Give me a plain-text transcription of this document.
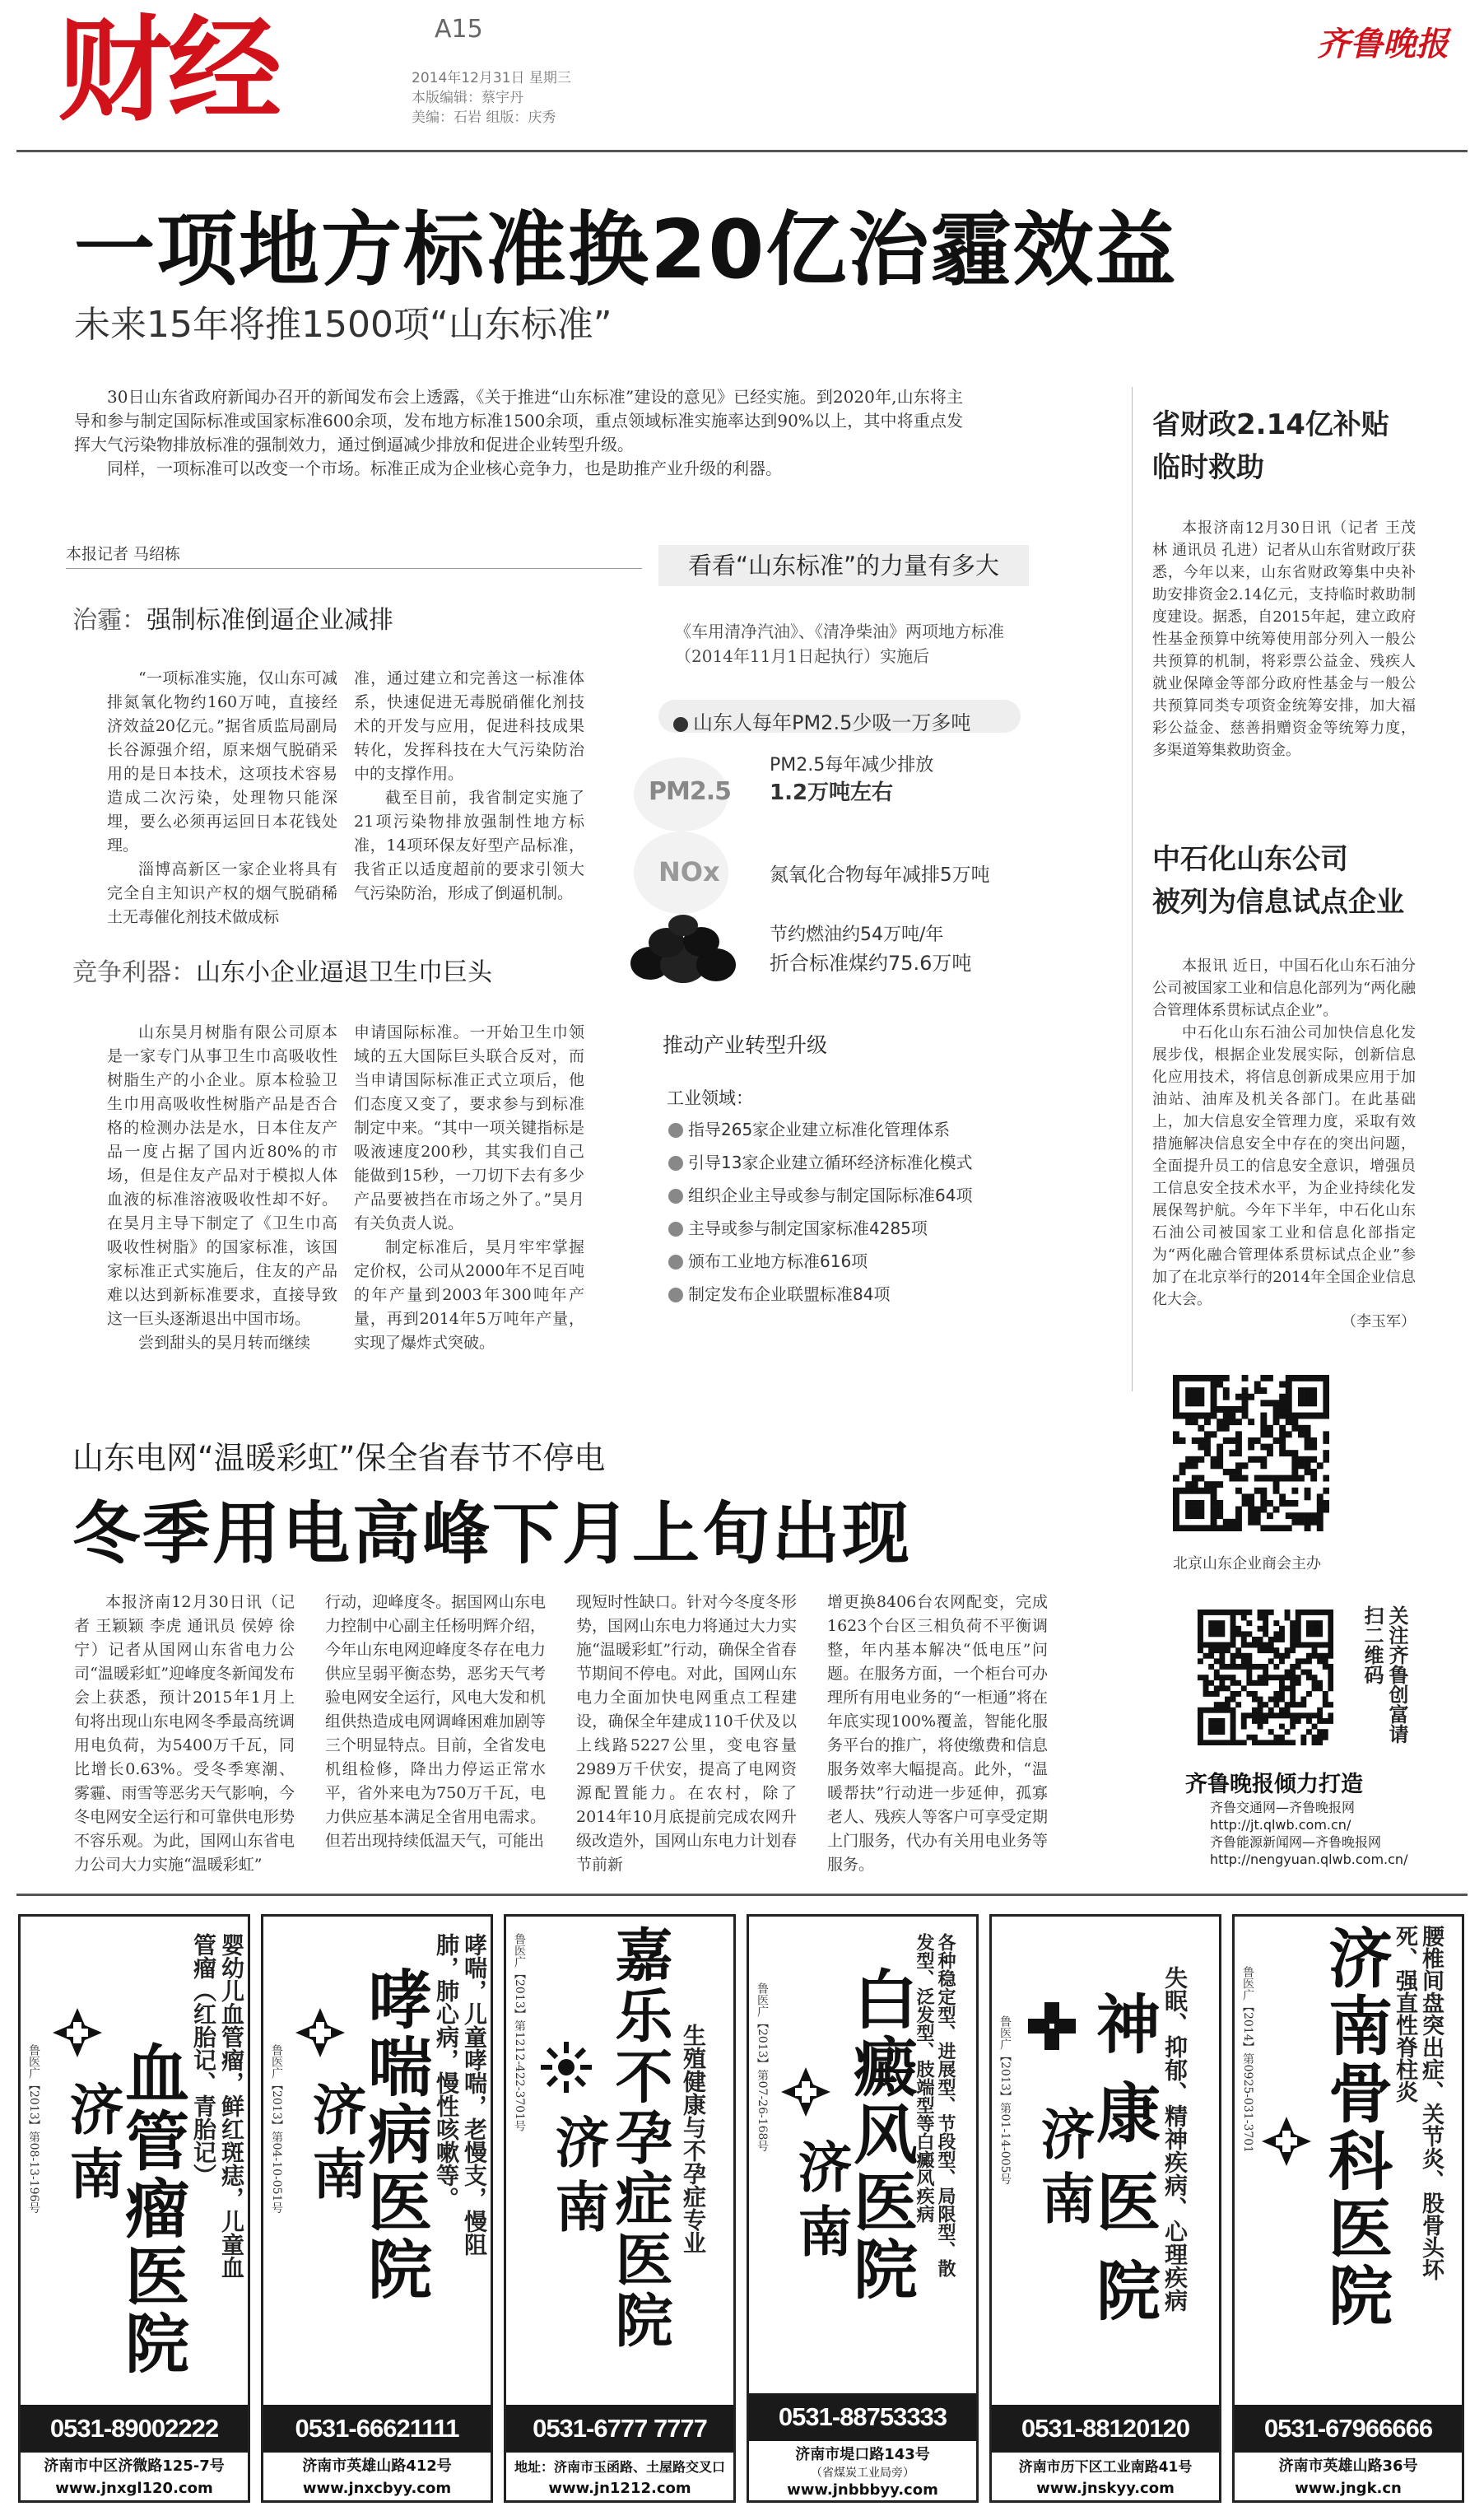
财经	A15
2014年12月31日 星期三
本版编辑：蔡宇丹
美编：石岩 组版：庆秀
齐鲁晚报
一项地方标准换20亿治霾效益
未来15年将推1500项“山东标准”

30日山东省政府新闻办召开的新闻发布会上透露，《关于推进“山东标准”建设的意见》已经实施。到2020年,山东将主导和参与制定国际标准或国家标准600余项，发布地方标准1500余项，重点领域标准实施率达到90%以上，其中将重点发挥大气污染物排放标准的强制效力，通过倒逼减少排放和促进企业转型升级。

同样，一项标准可以改变一个市场。标准正成为企业核心竞争力，也是助推产业升级的利器。

本报记者 马绍栋
治霾：强制标准倒逼企业减排

“一项标准实施，仅山东可减排氮氧化物约160万吨，直接经济效益20亿元。”据省质监局副局长谷源强介绍，原来烟气脱硝采用的是日本技术，这项技术容易造成二次污染，处理物只能深埋，要么必须再运回日本花钱处理。

淄博高新区一家企业将具有完全自主知识产权的烟气脱硝稀土无毒催化剂技术做成标

准，通过建立和完善这一标准体系，快速促进无毒脱硝催化剂技术的开发与应用，促进科技成果转化，发挥科技在大气污染防治中的支撑作用。

截至目前，我省制定实施了21项污染物排放强制性地方标准，14项环保友好型产品标准，我省正以适度超前的要求引领大气污染防治，形成了倒逼机制。

竞争利器：山东小企业逼退卫生巾巨头

山东昊月树脂有限公司原本是一家专门从事卫生巾高吸收性树脂生产的小企业。原本检验卫生巾用高吸收性树脂产品是否合格的检测办法是水，日本住友产品一度占据了国内近80%的市场，但是住友产品对于模拟人体血液的标准溶液吸收性却不好。在昊月主导下制定了《卫生巾高吸收性树脂》的国家标准，该国家标准正式实施后，住友的产品难以达到新标准要求，直接导致这一巨头逐渐退出中国市场。

尝到甜头的昊月转而继续

申请国际标准。一开始卫生巾领域的五大国际巨头联合反对，而当申请国际标准正式立项后，他们态度又变了，要求参与到标准制定中来。“其中一项关键指标是吸液速度200秒，其实我们自己能做到15秒，一刀切下去有多少产品要被挡在市场之外了。”昊月有关负责人说。

制定标准后，昊月牢牢掌握定价权，公司从2000年不足百吨的年产量到2003年300吨年产量，再到2014年5万吨年产量，实现了爆炸式突破。

看看“山东标准”的力量有多大
《车用清净汽油》、《清净柴油》两项地方标准（2014年11月1日起执行）实施后
山东人每年PM2.5少吸一万多吨
PM2.5
PM2.5每年减少排放
1.2万吨左右
NOx	氮氧化合物每年减排5万吨
节约燃油约54万吨/年
折合标准煤约75.6万吨
推动产业转型升级
工业领域：
指导265家企业建立标准化管理体系
引导13家企业建立循环经济标准化模式
组织企业主导或参与制定国际标准64项
主导或参与制定国家标准4285项
颁布工业地方标准616项
制定发布企业联盟标准84项
省财政2.14亿补贴
临时救助

本报济南12月30日讯（记者 王茂林 通讯员 孔进）记者从山东省财政厅获悉，今年以来，山东省财政筹集中央补助安排资金2.14亿元，支持临时救助制度建设。据悉，自2015年起，建立政府性基金预算中统筹使用部分列入一般公共预算的机制，将彩票公益金、残疾人就业保障金等部分政府性基金与一般公共预算同类专项资金统筹安排，加大福彩公益金、慈善捐赠资金等统筹力度，多渠道筹集救助资金。

中石化山东公司
被列为信息试点企业

本报讯 近日，中国石化山东石油分公司被国家工业和信息化部列为“两化融合管理体系贯标试点企业”。

中石化山东石油公司加快信息化发展步伐，根据企业发展实际，创新信息化应用技术，将信息创新成果应用于加油站、油库及机关各部门。在此基础上，加大信息安全管理力度，采取有效措施解决信息安全中存在的突出问题，全面提升员工的信息安全意识，增强员工信息安全技术水平，为企业持续化发展保驾护航。今年下半年，中石化山东石油公司被国家工业和信息化部指定为“两化融合管理体系贯标试点企业”参加了在北京举行的2014年全国企业信息化大会。

（李玉军）
北京山东企业商会主办
关注齐鲁创富请扫二维码
齐鲁晚报倾力打造
齐鲁交通网—齐鲁晚报网
http://jt.qlwb.com.cn/
齐鲁能源新闻网—齐鲁晚报网
http://nengyuan.qlwb.com.cn/
山东电网“温暖彩虹”保全省春节不停电
冬季用电高峰下月上旬出现

本报济南12月30日讯（记者 王颖颖 李虎 通讯员 侯婷 徐宁）记者从国网山东省电力公司“温暖彩虹”迎峰度冬新闻发布会上获悉，预计2015年1月上旬将出现山东电网冬季最高统调用电负荷，为5400万千瓦，同比增长0.63%。受冬季寒潮、雾霾、雨雪等恶劣天气影响，今冬电网安全运行和可靠供电形势不容乐观。为此，国网山东省电力公司大力实施“温暖彩虹”

行动，迎峰度冬。据国网山东电力控制中心副主任杨明辉介绍，今年山东电网迎峰度冬存在电力供应呈弱平衡态势，恶劣天气考验电网安全运行，风电大发和机组供热造成电网调峰困难加剧等三个明显特点。目前，全省发电机组检修，降出力停运正常水平，省外来电为750万千瓦，电力供应基本满足全省用电需求。但若出现持续低温天气，可能出

现短时性缺口。针对今冬度冬形势，国网山东电力将通过大力实施“温暖彩虹”行动，确保全省春节期间不停电。对此，国网山东电力全面加快电网重点工程建设，确保全年建成110千伏及以上线路5227公里，变电容量2989万千伏安，提高了电网资源配置能力。在农村，除了2014年10月底提前完成农网升级改造外，国网山东电力计划春节前新

增更换8406台农网配变，完成1623个台区三相负荷不平衡调整，年内基本解决“低电压”问题。在服务方面，一个柜台可办理所有用电业务的“一柜通”将在年底实现100%覆盖，智能化服务平台的推广，将使缴费和信息服务效率大幅提高。此外，“温暖帮扶”行动进一步延伸，孤寡老人、残疾人等客户可享受定期上门服务，代办有关用电业务等服务。

鲁医广【2013】第08-13-196号 济南
血管瘤医院	婴幼儿血管瘤，鲜红斑痣，儿童血管瘤（红胎记、青胎记）
0531-89002222
济南市中区济微路125-7号
www.jnxgl120.com
鲁医广【2013】第04-10-051号 济南
哮喘病医院	哮喘，儿童哮喘，老慢支，慢阻肺，肺心病，慢性咳嗽等。
0531-66621111
济南市英雄山路412号
www.jnxcbyy.com
鲁医广【2013】第1212-422-3701号
济南
嘉乐不孕症医院 生殖健康与不孕症专业
0531-6777 7777
地址：济南市玉函路、土屋路交叉口
www.jn1212.com
鲁医广【2013】第07-26-168号
济南
白癜风医院 各种稳定型、进展型、节段型、局限型、散发型、泛发型、肢端型等白癜风疾病
0531-88753333
济南市堤口路143号
（省煤炭工业局旁）
www.jnbbbyy.com
鲁医广【2013】第01-14-005号 济南
神康医院 失眠、抑郁、精神疾病、心理疾病
0531-88120120
济南市历下区工业南路41号
www.jnskyy.com
鲁医广【2014】第0925-031-3701 济南骨科医院	腰椎间盘突出症、关节炎、股骨头坏死、强直性脊柱炎
0531-67966666
济南市英雄山路36号
www.jngk.cn
